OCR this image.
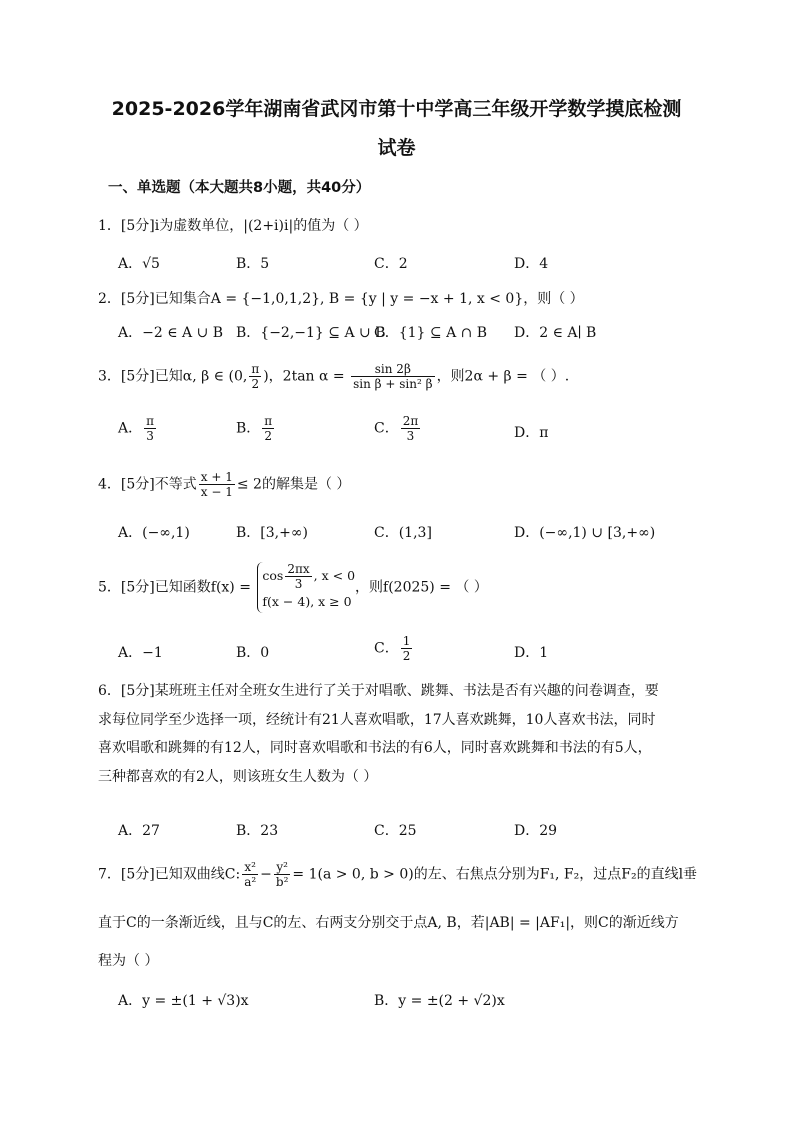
2025-2026学年湖南省武冈市第十中学高三年级开学数学摸底检测
试卷
一、单选题（本大题共8小题，共40分）
1．[5分]i为虚数单位，|(2+i)i|的值为（ ）
A．√5	B．5	C．2	D．4
2．[5分]已知集合A = {−1,0,1,2}, B = {y | y = −x + 1, x < 0}，则（ ）
A．−2 ∈ A ∪ B B．{−2,−1} ⊆ A ∪ B
C．{1} ⊆ A ∩ B D．2 ∈ A∣ B
3．[5分]已知α, β ∈ (0, $\frac{\pi}{2}$ )，2tan $\alpha = \frac{\sin 2\beta}{\text{sin β + sin² β}}$ ，则2α + β = （ ）.
A． $\frac{\pi}{3}$	B． $\frac{\pi}{2}$	C． $\frac{2\pi}{3}$	D．π
4．[5分]不等式 $\frac{x + 1}{x - 1} \le 2$的解集是（ ）
A．(−∞,1)	B．[3,+∞)	C．(1,3]	D．(−∞,1) ∪ [3,+∞)
5．[5分]已知函数f(x) =
$\cos \frac{2\pi x}{3}$ , x < 0
f(x − 4), x ≥ 0
，则f(2025) = （ ）
A．−1	B．0	C． $\frac{1}{2}$	D．1
6．[5分]某班班主任对全班女生进行了关于对唱歌、跳舞、书法是否有兴趣的问卷调查，要
求每位同学至少选择一项，经统计有21人喜欢唱歌，17人喜欢跳舞，10人喜欢书法，同时
喜欢唱歌和跳舞的有12人，同时喜欢唱歌和书法的有6人，同时喜欢跳舞和书法的有5人，
三种都喜欢的有2人，则该班女生人数为（ ）
A．27	B．23	C．25	D．29
7．[5分]已知双曲线C: $\frac{\text{x²}}{\text{a²}} - \frac{\text{y²}}{\text{b²}} = 1(a > 0$, b > 0)的左、右焦点分别为F₁, F₂，过点F₂的直线l垂
直于C的一条渐近线，且与C的左、右两支分别交于点A, B，若|AB| = |AF₁|，则C的渐近线方
程为（ ）
A．y = ±(1 + √3)x	B．y = ±(2 + √2)x
